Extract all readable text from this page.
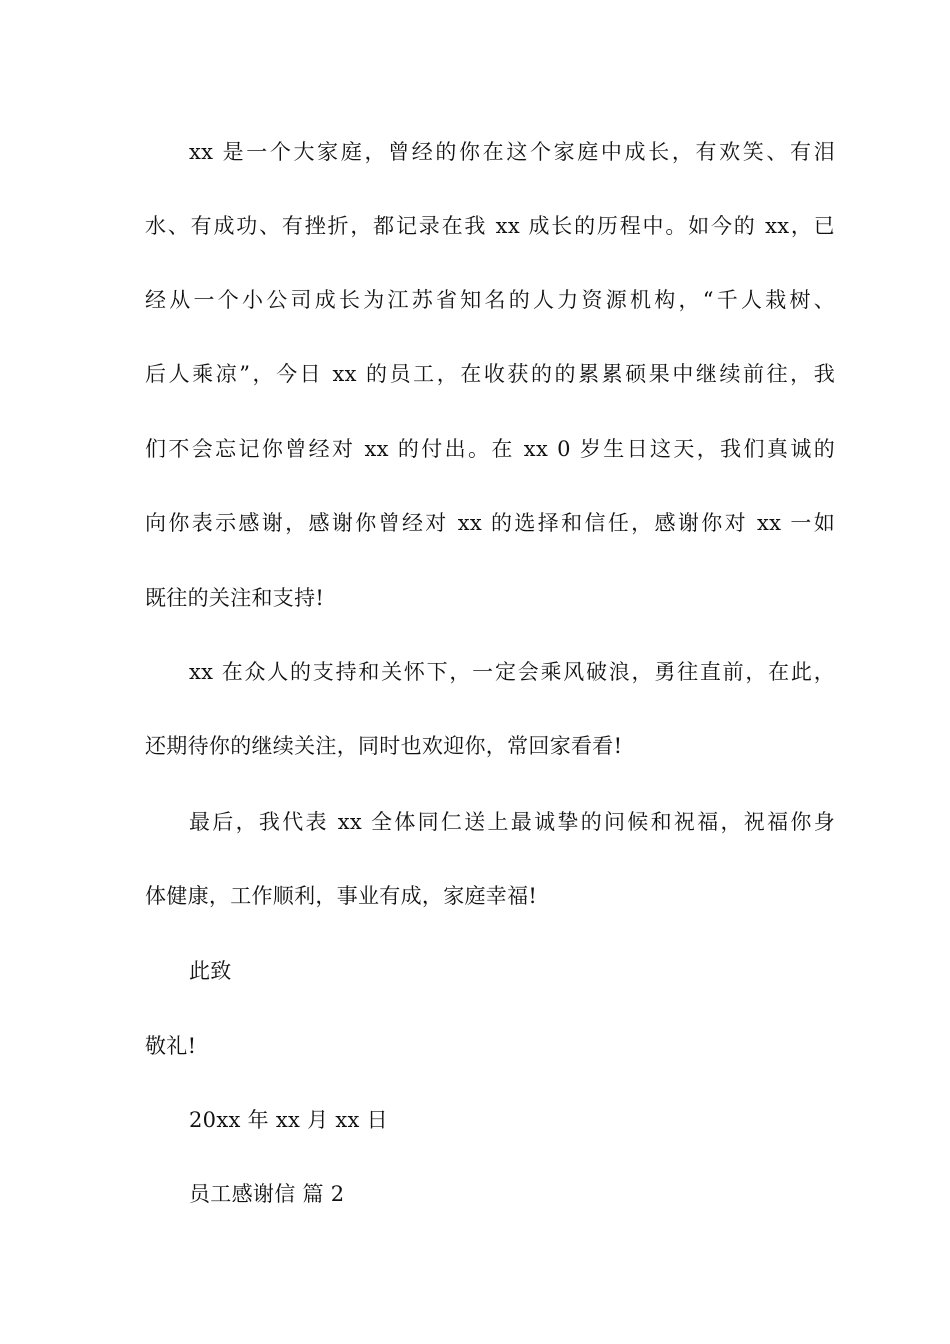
xx 是一个大家庭，曾经的你在这个家庭中成长，有欢笑、有泪
水、有成功、有挫折，都记录在我 xx 成长的历程中。如今的 xx，已
经从一个小公司成长为江苏省知名的人力资源机构，“千人栽树、
后人乘凉”，今日 xx 的员工，在收获的的累累硕果中继续前往，我
们不会忘记你曾经对 xx 的付出。在 xx 0 岁生日这天，我们真诚的
向你表示感谢，感谢你曾经对 xx 的选择和信任，感谢你对 xx 一如
既往的关注和支持!
xx 在众人的支持和关怀下，一定会乘风破浪，勇往直前，在此，
还期待你的继续关注，同时也欢迎你，常回家看看!
最后，我代表 xx 全体同仁送上最诚挚的问候和祝福，祝福你身
体健康，工作顺利，事业有成，家庭幸福!
此致
敬礼!
20xx 年 xx 月 xx 日
员工感谢信 篇 2
